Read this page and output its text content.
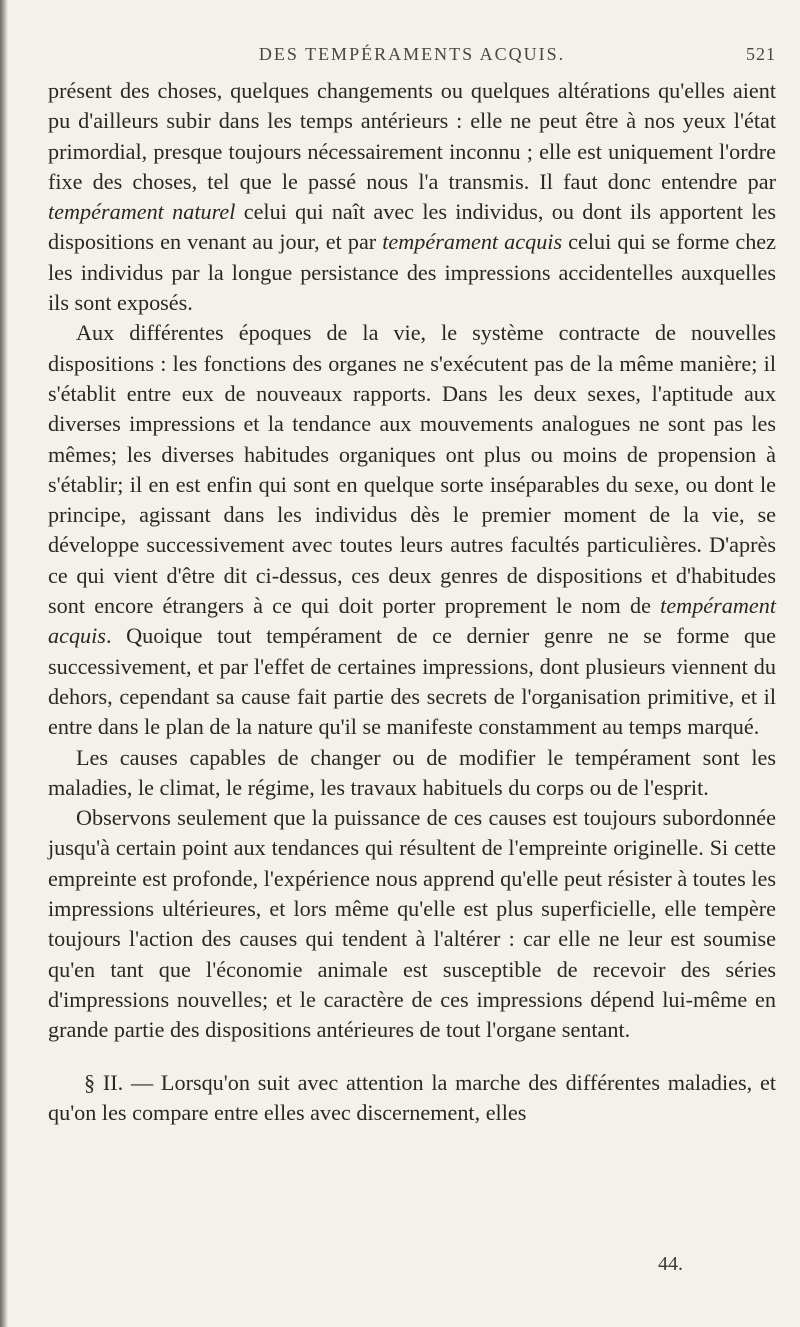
DES TEMPÉRAMENTS ACQUIS.	521

présent des choses, quelques changements ou quelques altérations qu'elles aient pu d'ailleurs subir dans les temps antérieurs : elle ne peut être à nos yeux l'état primordial, presque toujours nécessairement inconnu ; elle est uniquement l'ordre fixe des choses, tel que le passé nous l'a transmis. Il faut donc entendre par tempérament naturel celui qui naît avec les individus, ou dont ils apportent les dispositions en venant au jour, et par tempérament acquis celui qui se forme chez les individus par la longue persistance des impressions accidentelles auxquelles ils sont exposés.

Aux différentes époques de la vie, le système contracte de nouvelles dispositions : les fonctions des organes ne s'exécutent pas de la même manière; il s'établit entre eux de nouveaux rapports. Dans les deux sexes, l'aptitude aux diverses impressions et la tendance aux mouvements analogues ne sont pas les mêmes; les diverses habitudes organiques ont plus ou moins de propension à s'établir; il en est enfin qui sont en quelque sorte inséparables du sexe, ou dont le principe, agissant dans les individus dès le premier moment de la vie, se développe successivement avec toutes leurs autres facultés particulières. D'après ce qui vient d'être dit ci-dessus, ces deux genres de dispositions et d'habitudes sont encore étrangers à ce qui doit porter proprement le nom de tempérament acquis. Quoique tout tempérament de ce dernier genre ne se forme que successivement, et par l'effet de certaines impressions, dont plusieurs viennent du dehors, cependant sa cause fait partie des secrets de l'organisation primitive, et il entre dans le plan de la nature qu'il se manifeste constamment au temps marqué.

Les causes capables de changer ou de modifier le tempérament sont les maladies, le climat, le régime, les travaux habituels du corps ou de l'esprit.

Observons seulement que la puissance de ces causes est toujours subordonnée jusqu'à certain point aux tendances qui résultent de l'empreinte originelle. Si cette empreinte est profonde, l'expérience nous apprend qu'elle peut résister à toutes les impressions ultérieures, et lors même qu'elle est plus superficielle, elle tempère toujours l'action des causes qui tendent à l'altérer : car elle ne leur est soumise qu'en tant que l'économie animale est susceptible de recevoir des séries d'impressions nouvelles; et le caractère de ces impressions dépend lui-même en grande partie des dispositions antérieures de tout l'organe sentant.

§ II. — Lorsqu'on suit avec attention la marche des différentes maladies, et qu'on les compare entre elles avec discernement, elles

44.
